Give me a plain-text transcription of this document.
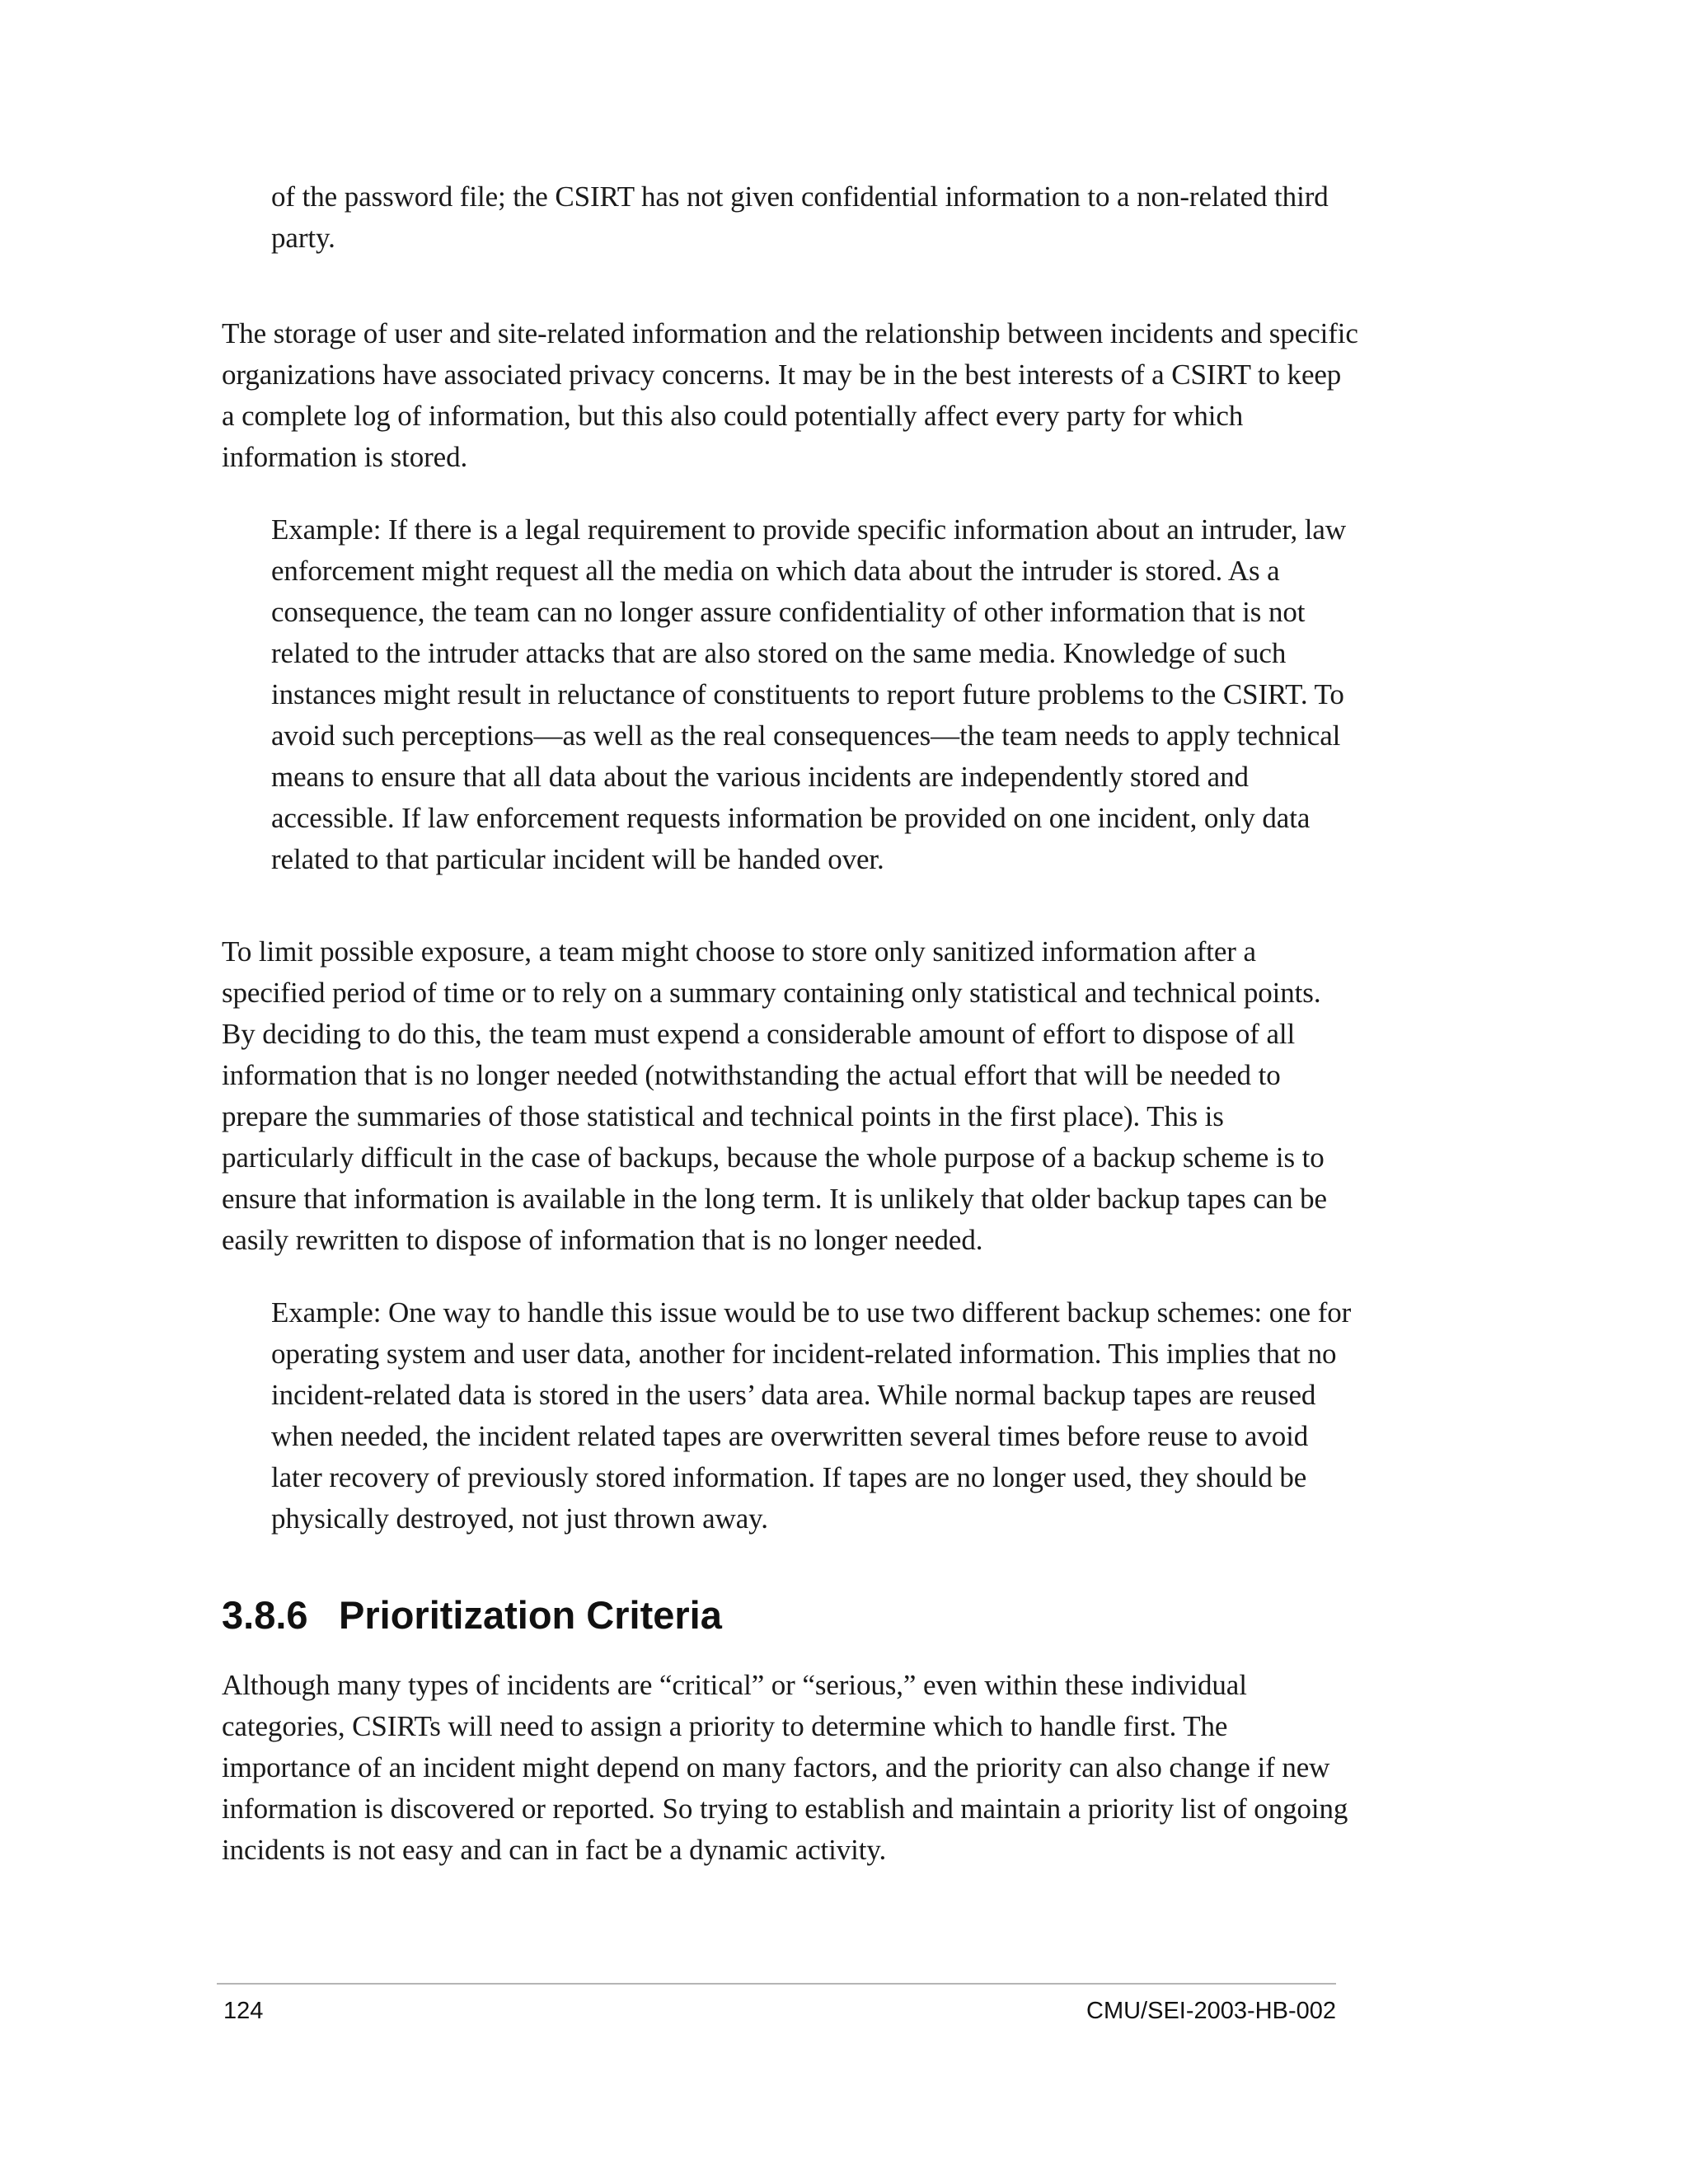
of the password file; the CSIRT has not given confidential information to a non-related third party.

The storage of user and site-related information and the relationship between incidents and specific organizations have associated privacy concerns. It may be in the best interests of a CSIRT to keep a complete log of information, but this also could potentially affect every party for which information is stored.

Example: If there is a legal requirement to provide specific information about an intruder, law enforcement might request all the media on which data about the intruder is stored. As a consequence, the team can no longer assure confidentiality of other information that is not related to the intruder attacks that are also stored on the same media. Knowledge of such instances might result in reluctance of constituents to report future problems to the CSIRT. To avoid such perceptions—as well as the real consequences—the team needs to apply technical means to ensure that all data about the various incidents are independently stored and accessible. If law enforcement requests information be provided on one incident, only data related to that particular incident will be handed over.

To limit possible exposure, a team might choose to store only sanitized information after a specified period of time or to rely on a summary containing only statistical and technical points. By deciding to do this, the team must expend a considerable amount of effort to dispose of all information that is no longer needed (notwithstanding the actual effort that will be needed to prepare the summaries of those statistical and technical points in the first place). This is particularly difficult in the case of backups, because the whole purpose of a backup scheme is to ensure that information is available in the long term. It is unlikely that older backup tapes can be easily rewritten to dispose of information that is no longer needed.

Example: One way to handle this issue would be to use two different backup schemes: one for operating system and user data, another for incident-related information. This implies that no incident-related data is stored in the users’ data area. While normal backup tapes are reused when needed, the incident related tapes are overwritten several times before reuse to avoid later recovery of previously stored information. If tapes are no longer used, they should be physically destroyed, not just thrown away.

3.8.6 Prioritization Criteria

Although many types of incidents are “critical” or “serious,” even within these individual categories, CSIRTs will need to assign a priority to determine which to handle first. The importance of an incident might depend on many factors, and the priority can also change if new information is discovered or reported. So trying to establish and maintain a priority list of ongoing incidents is not easy and can in fact be a dynamic activity.

124	CMU/SEI-2003-HB-002
